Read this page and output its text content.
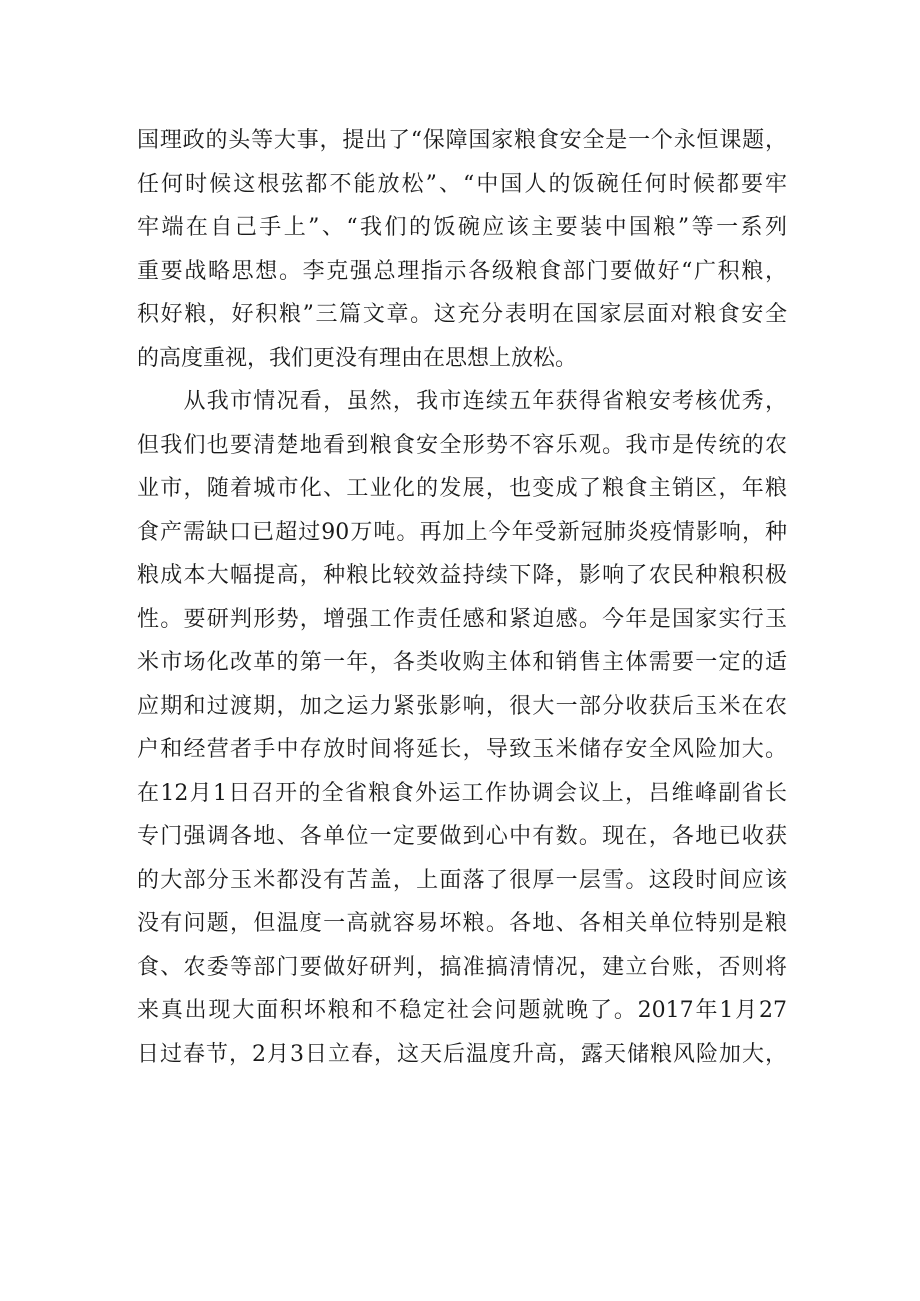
国理政的头等大事，提出了“保障国家粮食安全是一个永恒课题，
任何时候这根弦都不能放松”、“中国人的饭碗任何时候都要牢
牢端在自己手上”、“我们的饭碗应该主要装中国粮”等一系列
重要战略思想。李克强总理指示各级粮食部门要做好“广积粮，
积好粮，好积粮”三篇文章。这充分表明在国家层面对粮食安全
的高度重视，我们更没有理由在思想上放松。
　　从我市情况看，虽然，我市连续五年获得省粮安考核优秀，
但我们也要清楚地看到粮食安全形势不容乐观。我市是传统的农
业市，随着城市化、工业化的发展，也变成了粮食主销区，年粮
食产需缺口已超过90万吨。再加上今年受新冠肺炎疫情影响，种
粮成本大幅提高，种粮比较效益持续下降，影响了农民种粮积极
性。要研判形势，增强工作责任感和紧迫感。今年是国家实行玉
米市场化改革的第一年，各类收购主体和销售主体需要一定的适
应期和过渡期，加之运力紧张影响，很大一部分收获后玉米在农
户和经营者手中存放时间将延长，导致玉米储存安全风险加大。
在12月1日召开的全省粮食外运工作协调会议上，吕维峰副省长
专门强调各地、各单位一定要做到心中有数。现在，各地已收获
的大部分玉米都没有苫盖，上面落了很厚一层雪。这段时间应该
没有问题，但温度一高就容易坏粮。各地、各相关单位特别是粮
食、农委等部门要做好研判，搞准搞清情况，建立台账，否则将
来真出现大面积坏粮和不稳定社会问题就晚了。2017年1月27
日过春节，2月3日立春，这天后温度升高，露天储粮风险加大，
